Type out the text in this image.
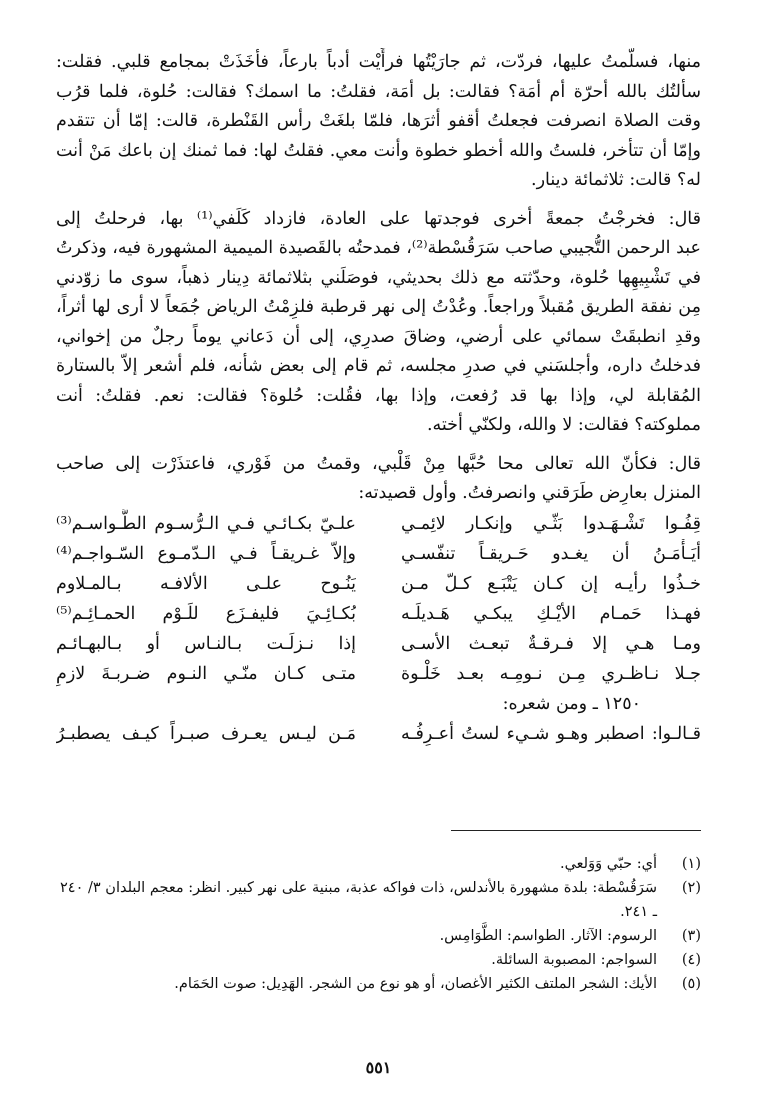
منها، فسلّمتُ عليها، فردّت، ثم جارَيْتُها فرأَيْت أدباً بارعاً، فأخَذَتْ بمجامع قلبي. فقلت:
سألتُك بالله أحرّة أم أمَة؟ فقالت: بل أمَة، فقلتُ: ما اسمك؟ فقالت: حُلوة، فلما قرُب
وقت الصلاة انصرفت فجعلتُ أقفو أثرَها، فلمّا بلغَتْ رأس القَنْطرة، قالت: إمّا أن تتقدم
وإمّا أن تتأخر، فلستُ والله أخطو خطوة وأنت معي. فقلتُ لها: فما ثمنك إن باعك مَنْ أنت
له؟ قالت: ثلاثمائة دينار.
قال: فخرجْتُ جمعةً أخرى فوجدتها على العادة، فازداد كَلَفي⁽¹⁾ بها، فرحلتُ إلى
عبد الرحمن التُّجيبي صاحب سَرَقُسْطة⁽²⁾، فمدحتُه بالقَصيدة الميمية المشهورة فيه، وذكرتُ
في تَشْبِيهِها حُلوة، وحدّثته مع ذلك بحديثي، فوصَلَني بثلاثمائة دِينار ذهباً، سوى ما زوّدني
مِن نفقة الطريق مُقبلاً وراجعاً. وعُدْتُ إلى نهر قرطبة فلزِمْتُ الرياض جُمَعاً لا أرى لها أثراً،
وقدِ انطبقَتْ سمائي على أرضي، وضاقَ صدرِي، إلى أن دَعاني يوماً رجلٌ من إخواني،
فدخلتُ داره، وأجلسَني في صدرِ مجلسه، ثم قام إلى بعض شأنه، فلم أشعر إلاّ بالستارة
المُقابلة لي، وإذا بها قد رُفعت، وإذا بها، فقُلت: حُلوة؟ فقالت: نعم. فقلتُ: أنت
مملوكته؟ فقالت: لا والله، ولكنّي أخته.
قال: فكأنّ الله تعالى محا حُبَّها مِنْ قَلْبي، وقمتُ من فَوْري، فاعتذَرْت إلى صاحب
المنزل بعارِض طَرَقني وانصرفتُ. وأول قصيدته:
قِفُـوا تَشْـهَـدوا بَثّـي وإنكـار لائِمـي
علـيّ بكـائـي فـي الـرُّسـوم الطَّـواسـم⁽³⁾
أيَـأْمَـنُ أن يغـدو حَـريقـاً تنفّسـي
وإلاّ غـريقـاً فـي الـدّمـوع السّـواجـم⁽⁴⁾
خـذُوا رأيـه إن كـان يَتْبَـع كـلّ مـن
يَنُـوح علـى الألافـه بـالمـلاوم
فهـذا حَمـام الأيْـكِ يبكـي هَـديلَـه
بُكـائِـيَ فليفـزَع للَـوْم الحمـائِـم⁽⁵⁾
ومـا هـي إلا فـرقـةٌ تبعـث الأسـى
إذا نـزلَـت بـالنـاس أو بـالبهـائـم
جـلا نـاظـري مِـن نـومِـه بعـد خَلْـوة
متـى كـان منّـي النـوم ضـربـةَ لازمِ
١٢٥٠ ـ ومن شعره:
قـالـوا: اصطبر وهـو شـيء لستُ أعـرِفُـه
مَـن ليـس يعـرف صبـراً كيـف يصطبـرُ
(١)
أي: حبّي وَوَلعي.
(٢)
سَرَقُسْطة: بلدة مشهورة بالأندلس، ذات فواكه عذبة، مبنية على نهر كبير. انظر: معجم البلدان ٣/ ٢٤٠ ـ ٢٤١.
(٣)
الرسوم: الآثار. الطواسم: الطَّوَامِس.
(٤)
السواجم: المصبوبة السائلة.
(٥)
الأيك: الشجر الملتف الكثير الأغصان، أو هو نوع من الشجر. الهَدِيل: صوت الحَمَام.
٥٥١
